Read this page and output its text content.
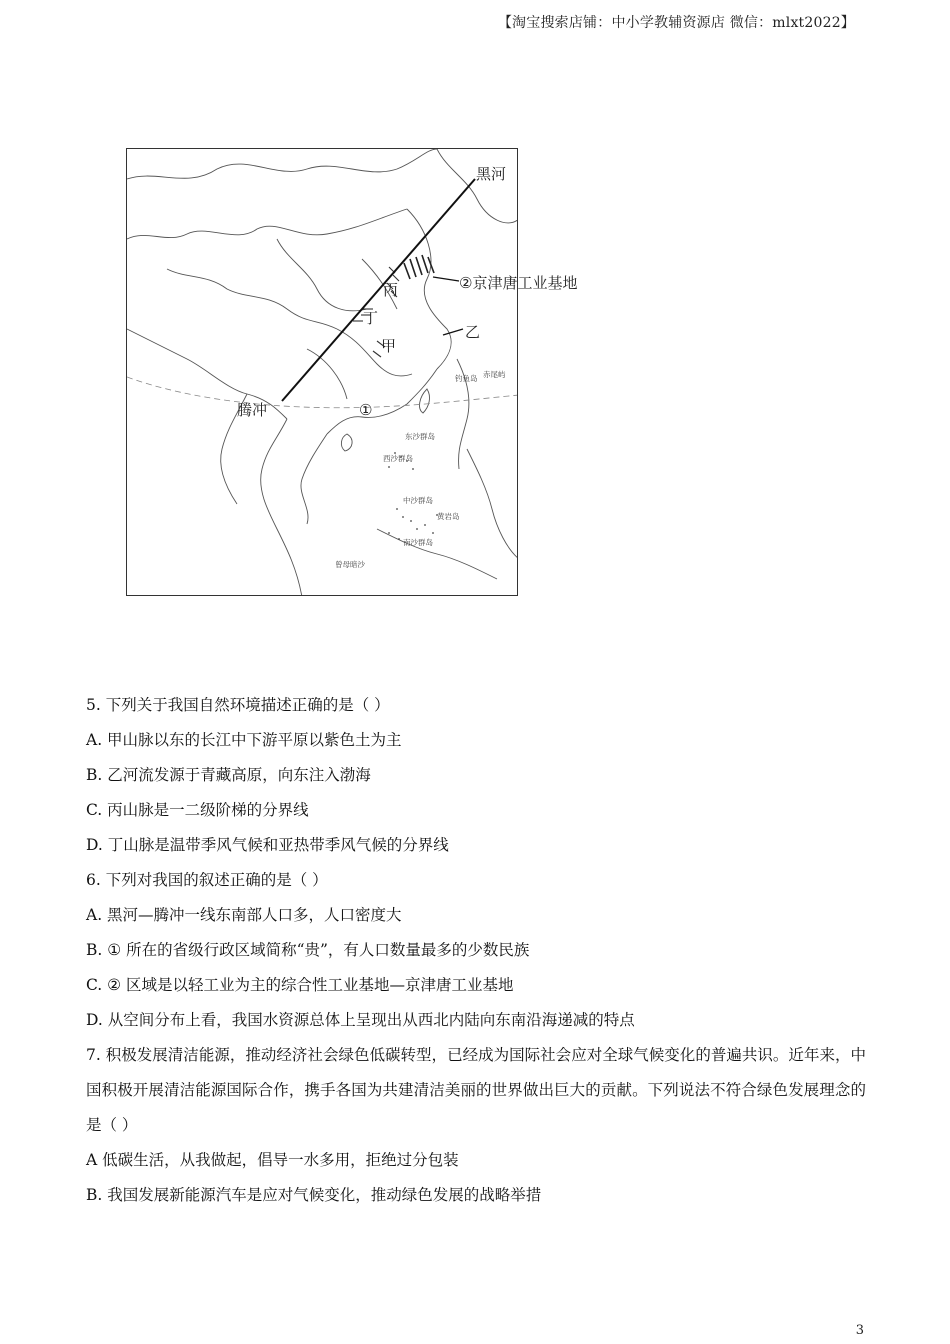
【淘宝搜索店铺：中小学教辅资源店 微信：mlxt2022】
黑河
腾冲
乙
丙
丁
甲
①
钓鱼岛 赤尾屿
东沙群岛
西沙群岛
中沙群岛
黄岩岛
南沙群岛
曾母暗沙
②京津唐工业基地
5. 下列关于我国自然环境描述正确的是（ ）
A. 甲山脉以东的长江中下游平原以紫色土为主
B. 乙河流发源于青藏高原，向东注入渤海
C. 丙山脉是一二级阶梯的分界线
D. 丁山脉是温带季风气候和亚热带季风气候的分界线
6. 下列对我国的叙述正确的是（ ）
A. 黑河—腾冲一线东南部人口多，人口密度大
B. ① 所在的省级行政区域简称“贵”，有人口数量最多的少数民族
C. ② 区域是以轻工业为主的综合性工业基地—京津唐工业基地
D. 从空间分布上看，我国水资源总体上呈现出从西北内陆向东南沿海递减的特点
7. 积极发展清洁能源，推动经济社会绿色低碳转型，已经成为国际社会应对全球气候变化的普遍共识。近年来，中国积极开展清洁能源国际合作，携手各国为共建清洁美丽的世界做出巨大的贡献。下列说法不符合绿色发展理念的是（ ）
A 低碳生活，从我做起，倡导一水多用，拒绝过分包装
B. 我国发展新能源汽车是应对气候变化，推动绿色发展的战略举措
3
